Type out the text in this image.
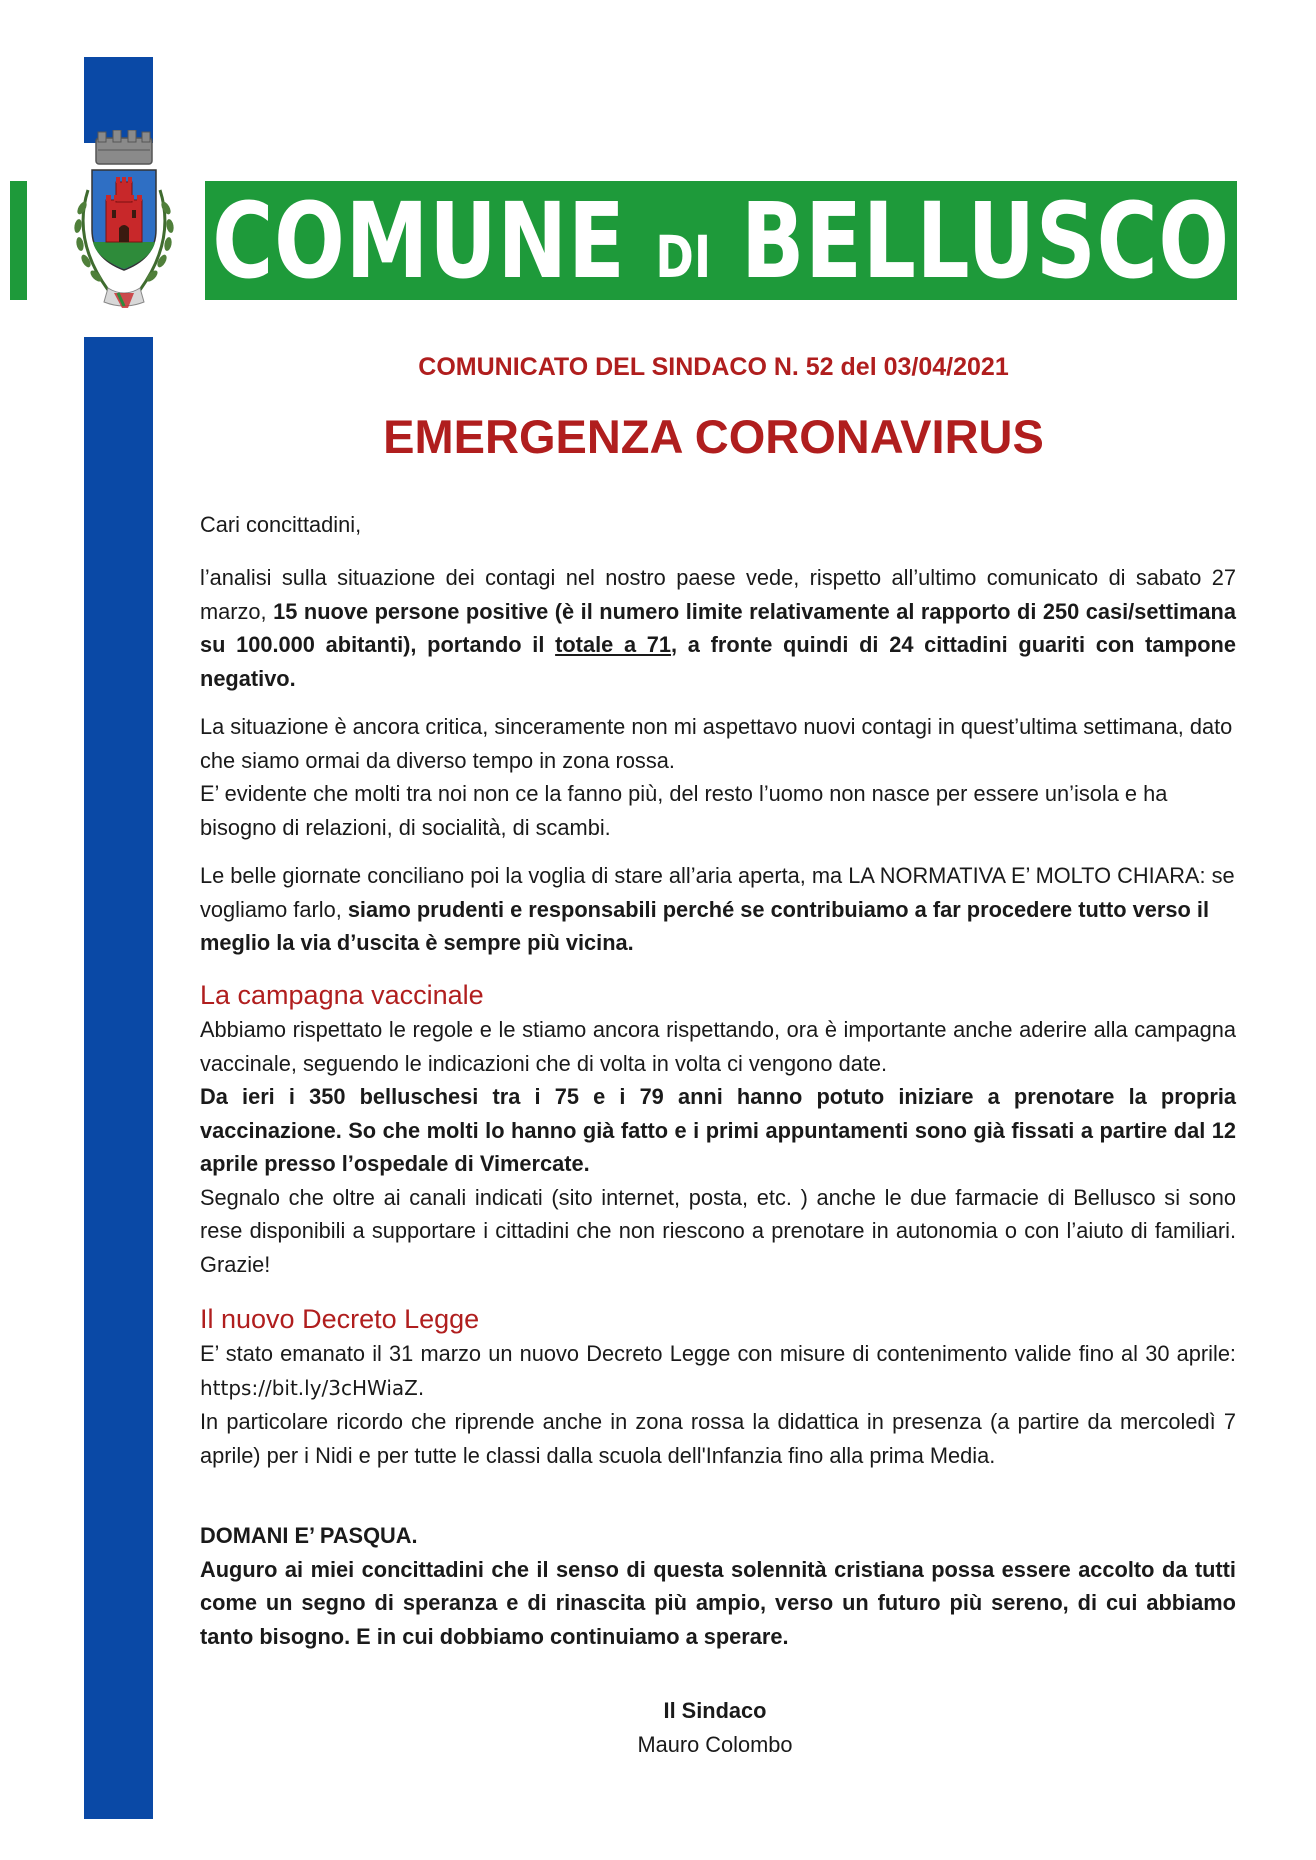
COMUNE DI BELLUSCO
COMUNICATO DEL SINDACO N. 52 del 03/04/2021
EMERGENZA CORONAVIRUS
Cari concittadini,
l’analisi sulla situazione dei contagi nel nostro paese vede, rispetto all’ultimo comunicato di sabato 27 marzo, 15 nuove persone positive (è il numero limite relativamente al rapporto di 250 casi/settimana su 100.000 abitanti), portando il totale a 71, a fronte quindi di 24 cittadini guariti con tampone negativo.
La situazione è ancora critica, sinceramente non mi aspettavo nuovi contagi in quest’ultima settimana, dato che siamo ormai da diverso tempo in zona rossa.
E’ evidente che molti tra noi non ce la fanno più, del resto l’uomo non nasce per essere un’isola e ha bisogno di relazioni, di socialità, di scambi.
Le belle giornate conciliano poi la voglia di stare all’aria aperta, ma LA NORMATIVA E’ MOLTO CHIARA: se vogliamo farlo, siamo prudenti e responsabili perché se contribuiamo a far procedere tutto verso il meglio la via d’uscita è sempre più vicina.
La campagna vaccinale
Abbiamo rispettato le regole e le stiamo ancora rispettando, ora è importante anche aderire alla campagna vaccinale, seguendo le indicazioni che di volta in volta ci vengono date.
Da ieri i 350 belluschesi tra i 75 e i 79 anni hanno potuto iniziare a prenotare la propria vaccinazione. So che molti lo hanno già fatto e i primi appuntamenti sono già fissati a partire dal 12 aprile presso l’ospedale di Vimercate.
Segnalo che oltre ai canali indicati (sito internet, posta, etc. ) anche le due farmacie di Bellusco si sono rese disponibili a supportare i cittadini che non riescono a prenotare in autonomia o con l’aiuto di familiari. Grazie!
Il nuovo Decreto Legge
E’ stato emanato il 31 marzo un nuovo Decreto Legge con misure di contenimento valide fino al 30 aprile: https://bit.ly/3cHWiaZ.
In particolare ricordo che riprende anche in zona rossa la didattica in presenza (a partire da mercoledì 7 aprile) per i Nidi e per tutte le classi dalla scuola dell'Infanzia fino alla prima Media.
DOMANI E’ PASQUA.
Auguro ai miei concittadini che il senso di questa solennità cristiana possa essere accolto da tutti come un segno di speranza e di rinascita più ampio, verso un futuro più sereno, di cui abbiamo tanto bisogno. E in cui dobbiamo continuiamo a sperare.
Il Sindaco
Mauro Colombo
